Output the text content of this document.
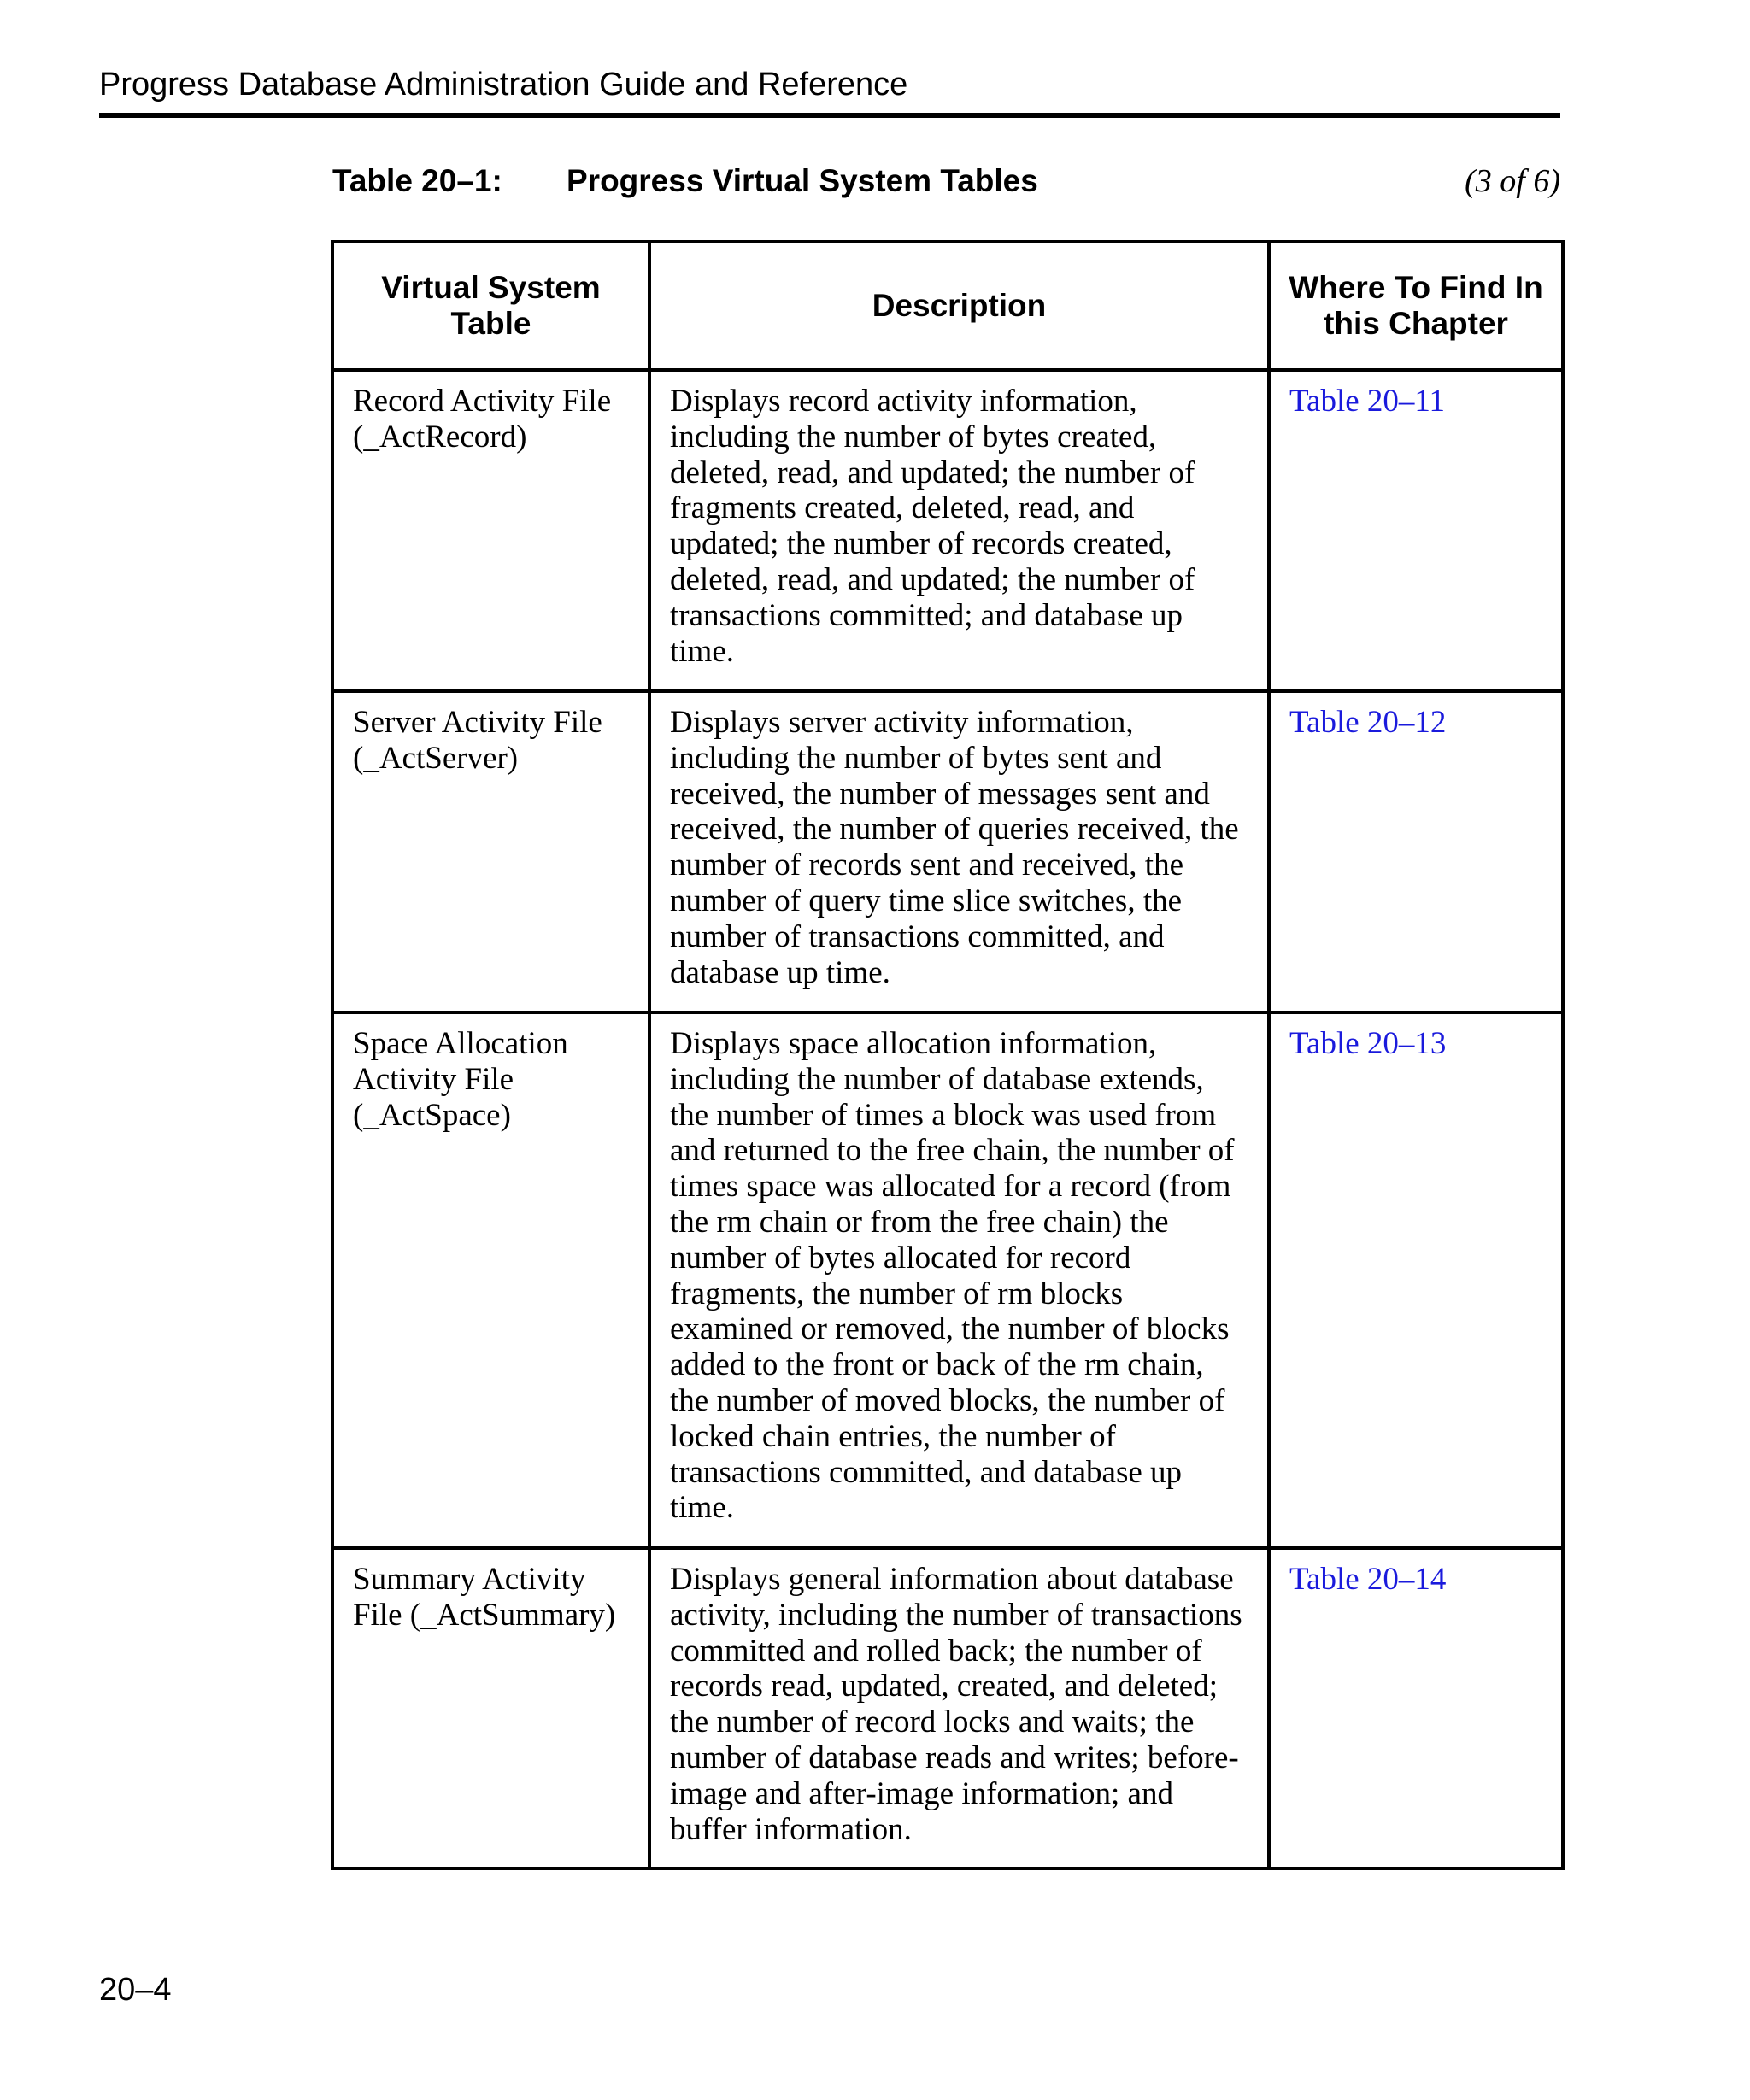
Progress Database Administration Guide and Reference
Table 20–1: Progress Virtual System Tables	(3 of 6)
Virtual System Table	Description	Where To Find In this Chapter
Record Activity File (_ActRecord)	Displays record activity information, including the number of bytes created, deleted, read, and updated; the number of fragments created, deleted, read, and updated; the number of records created, deleted, read, and updated; the number of transactions committed; and database up time.	Table 20–11
Server Activity File (_ActServer)	Displays server activity information, including the number of bytes sent and received, the number of messages sent and received, the number of queries received, the number of records sent and received, the number of query time slice switches, the number of transactions committed, and database up time.	Table 20–12
Space Allocation Activity File (_ActSpace)	Displays space allocation information, including the number of database extends, the number of times a block was used from and returned to the free chain, the number of times space was allocated for a record (from the rm chain or from the free chain) the number of bytes allocated for record fragments, the number of rm blocks examined or removed, the number of blocks added to the front or back of the rm chain, the number of moved blocks, the number of locked chain entries, the number of transactions committed, and database up time.	Table 20–13
Summary Activity File (_ActSummary)	Displays general information about database activity, including the number of transactions committed and rolled back; the number of records read, updated, created, and deleted; the number of record locks and waits; the number of database reads and writes; before-image and after-image information; and buffer information.	Table 20–14
20–4
